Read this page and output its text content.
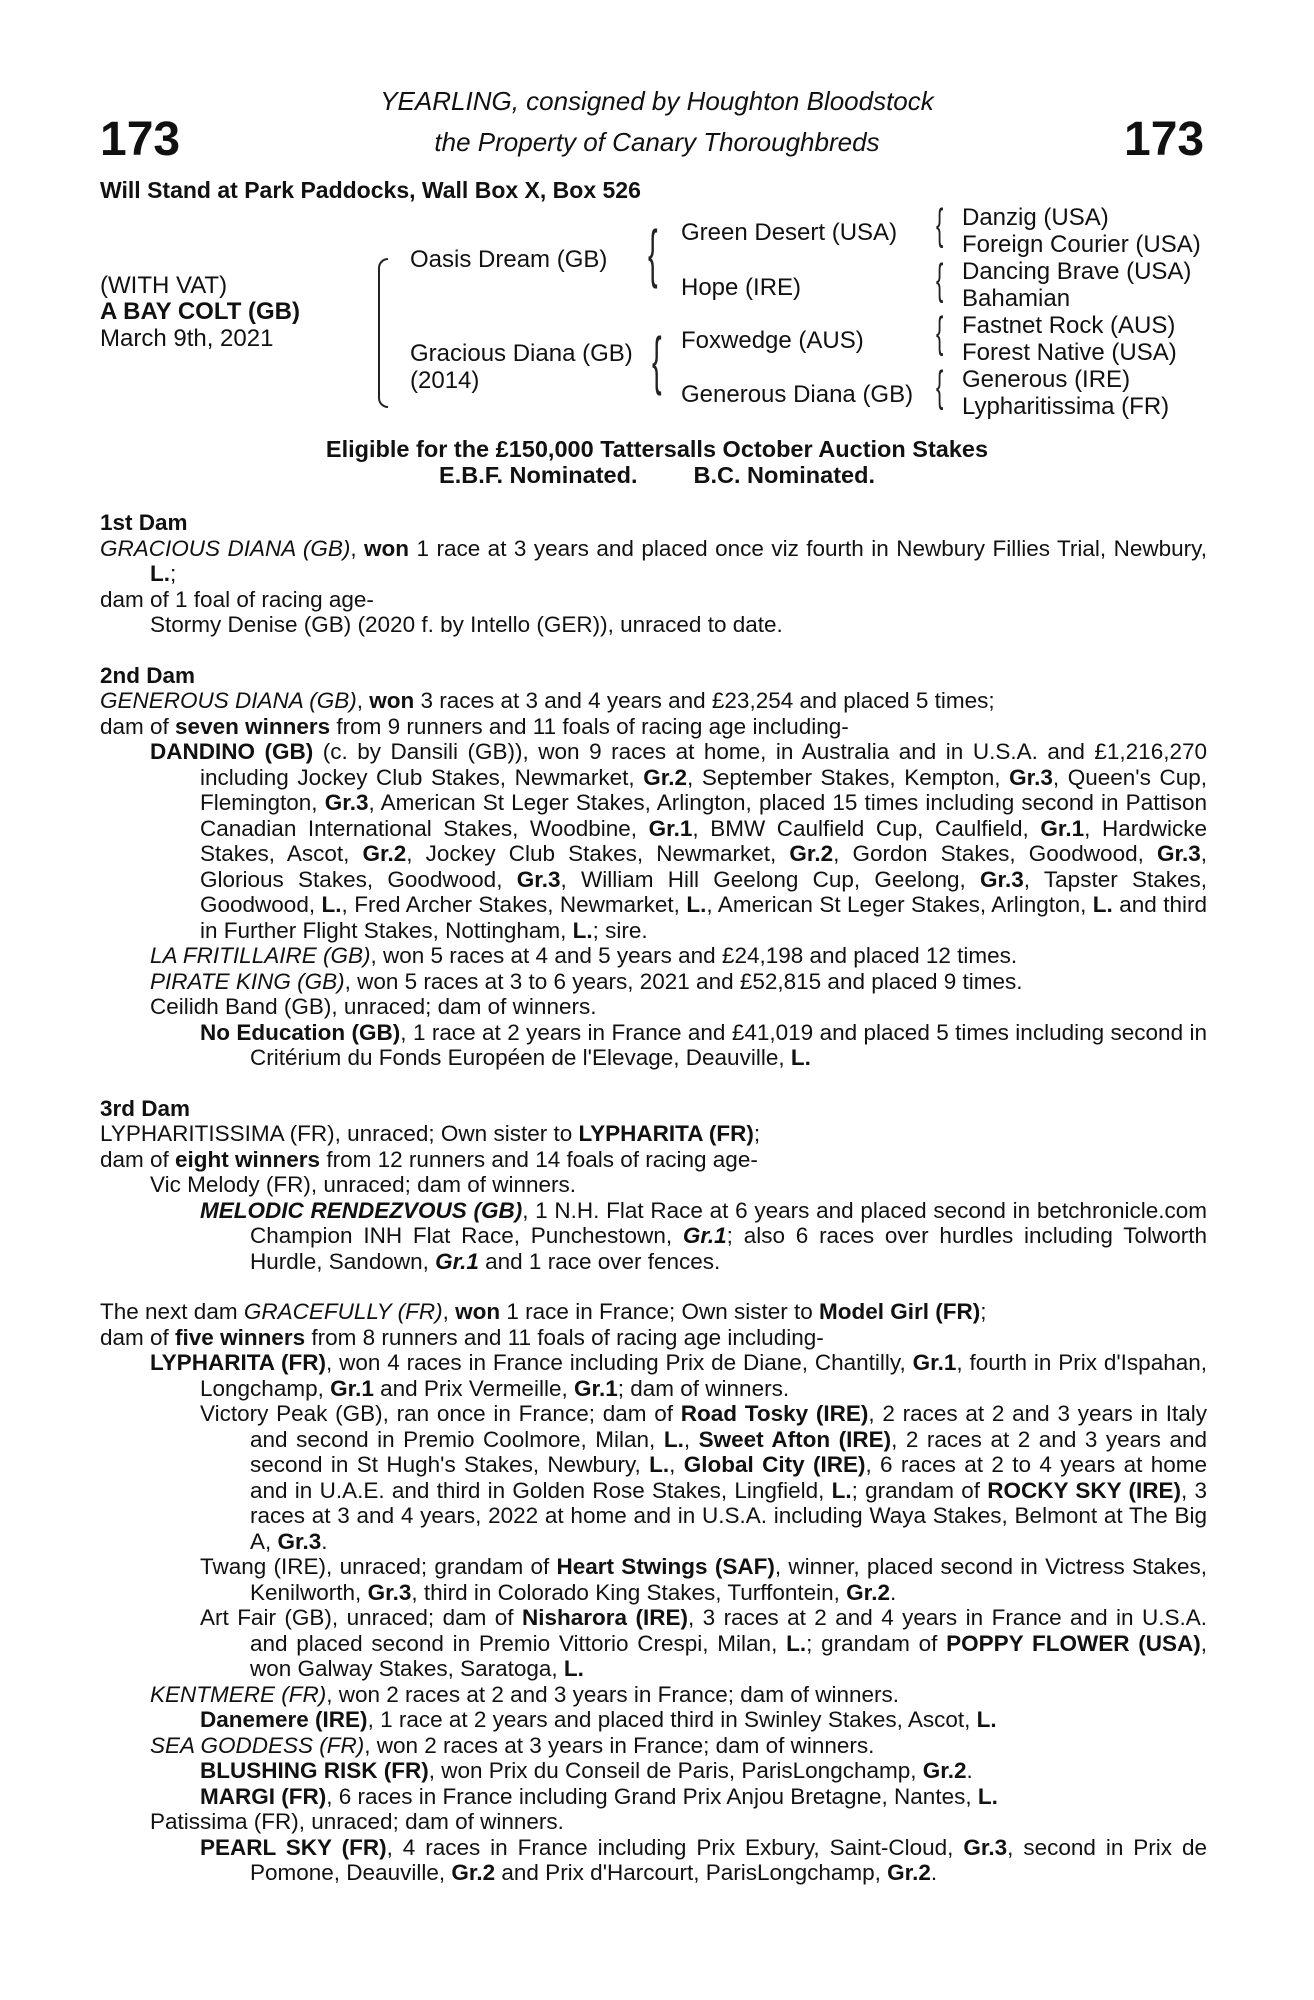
173	173
YEARLING, consigned by Houghton Bloodstock
the Property of Canary Thoroughbreds
Will Stand at Park Paddocks, Wall Box X, Box 526
(WITH VAT)
A BAY COLT (GB)
March 9th, 2021
{
{
{
{
{
{
Oasis Dream (GB)
Gracious Diana (GB)
(2014)
Green Desert (USA)
Hope (IRE)
Foxwedge (AUS)
Generous Diana (GB)
Danzig (USA)
Foreign Courier (USA)
Dancing Brave (USA)
Bahamian
Fastnet Rock (AUS)
Forest Native (USA)
Generous (IRE)
Lypharitissima (FR)
Eligible for the £150,000 Tattersalls October Auction Stakes
E.B.F. Nominated. B.C. Nominated.

1st Dam

GRACIOUS DIANA (GB), won 1 race at 3 years and placed once viz fourth in Newbury Fillies Trial, Newbury, L.;

dam of 1 foal of racing age-

Stormy Denise (GB) (2020 f. by Intello (GER)), unraced to date.

2nd Dam

GENEROUS DIANA (GB), won 3 races at 3 and 4 years and £23,254 and placed 5 times;

dam of seven winners from 9 runners and 11 foals of racing age including-

DANDINO (GB) (c. by Dansili (GB)), won 9 races at home, in Australia and in U.S.A. and £1,216,270 including Jockey Club Stakes, Newmarket, Gr.2, September Stakes, Kempton, Gr.3, Queen's Cup, Flemington, Gr.3, American St Leger Stakes, Arlington, placed 15 times including second in Pattison Canadian International Stakes, Woodbine, Gr.1, BMW Caulfield Cup, Caulfield, Gr.1, Hardwicke Stakes, Ascot, Gr.2, Jockey Club Stakes, Newmarket, Gr.2, Gordon Stakes, Goodwood, Gr.3, Glorious Stakes, Goodwood, Gr.3, William Hill Geelong Cup, Geelong, Gr.3, Tapster Stakes, Goodwood, L., Fred Archer Stakes, Newmarket, L., American St Leger Stakes, Arlington, L. and third in Further Flight Stakes, Nottingham, L.; sire.

LA FRITILLAIRE (GB), won 5 races at 4 and 5 years and £24,198 and placed 12 times.

PIRATE KING (GB), won 5 races at 3 to 6 years, 2021 and £52,815 and placed 9 times.

Ceilidh Band (GB), unraced; dam of winners.

No Education (GB), 1 race at 2 years in France and £41,019 and placed 5 times including second in Critérium du Fonds Européen de l'Elevage, Deauville, L.

3rd Dam

LYPHARITISSIMA (FR), unraced; Own sister to LYPHARITA (FR);

dam of eight winners from 12 runners and 14 foals of racing age-

Vic Melody (FR), unraced; dam of winners.

MELODIC RENDEZVOUS (GB), 1 N.H. Flat Race at 6 years and placed second in betchronicle.com Champion INH Flat Race, Punchestown, Gr.1; also 6 races over hurdles including Tolworth Hurdle, Sandown, Gr.1 and 1 race over fences.

The next dam GRACEFULLY (FR), won 1 race in France; Own sister to Model Girl (FR);

dam of five winners from 8 runners and 11 foals of racing age including-

LYPHARITA (FR), won 4 races in France including Prix de Diane, Chantilly, Gr.1, fourth in Prix d'Ispahan, Longchamp, Gr.1 and Prix Vermeille, Gr.1; dam of winners.

Victory Peak (GB), ran once in France; dam of Road Tosky (IRE), 2 races at 2 and 3 years in Italy and second in Premio Coolmore, Milan, L., Sweet Afton (IRE), 2 races at 2 and 3 years and second in St Hugh's Stakes, Newbury, L., Global City (IRE), 6 races at 2 to 4 years at home and in U.A.E. and third in Golden Rose Stakes, Lingfield, L.; grandam of ROCKY SKY (IRE), 3 races at 3 and 4 years, 2022 at home and in U.S.A. including Waya Stakes, Belmont at The Big A, Gr.3.

Twang (IRE), unraced; grandam of Heart Stwings (SAF), winner, placed second in Victress Stakes, Kenilworth, Gr.3, third in Colorado King Stakes, Turffontein, Gr.2.

Art Fair (GB), unraced; dam of Nisharora (IRE), 3 races at 2 and 4 years in France and in U.S.A. and placed second in Premio Vittorio Crespi, Milan, L.; grandam of POPPY FLOWER (USA), won Galway Stakes, Saratoga, L.

KENTMERE (FR), won 2 races at 2 and 3 years in France; dam of winners.

Danemere (IRE), 1 race at 2 years and placed third in Swinley Stakes, Ascot, L.

SEA GODDESS (FR), won 2 races at 3 years in France; dam of winners.

BLUSHING RISK (FR), won Prix du Conseil de Paris, ParisLongchamp, Gr.2.

MARGI (FR), 6 races in France including Grand Prix Anjou Bretagne, Nantes, L.

Patissima (FR), unraced; dam of winners.

PEARL SKY (FR), 4 races in France including Prix Exbury, Saint-Cloud, Gr.3, second in Prix de Pomone, Deauville, Gr.2 and Prix d'Harcourt, ParisLongchamp, Gr.2.
